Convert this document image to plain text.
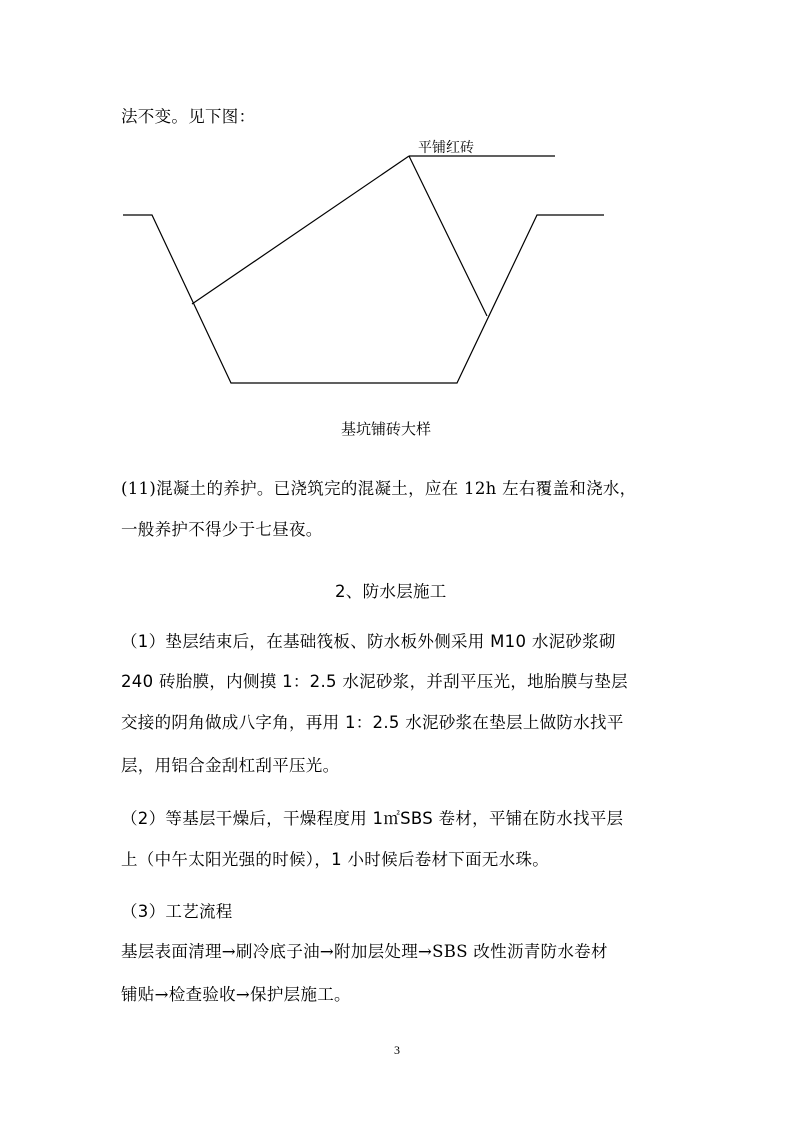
法不变。见下图：
平铺红砖
基坑铺砖大样
(11)混凝土的养护。已浇筑完的混凝土，应在 12h 左右覆盖和浇水，
一般养护不得少于七昼夜。
2、防水层施工
（1）垫层结束后，在基础筏板、防水板外侧采用 M10 水泥砂浆砌
240 砖胎膜，内侧摸 1：2.5 水泥砂浆，并刮平压光，地胎膜与垫层
交接的阴角做成八字角，再用 1：2.5 水泥砂浆在垫层上做防水找平
层，用铝合金刮杠刮平压光。
（2）等基层干燥后，干燥程度用 1㎡SBS 卷材，平铺在防水找平层
上（中午太阳光强的时候），1 小时候后卷材下面无水珠。
（3）工艺流程
基层表面清理→刷冷底子油→附加层处理→SBS 改性沥青防水卷材
铺贴→检查验收→保护层施工。
3
